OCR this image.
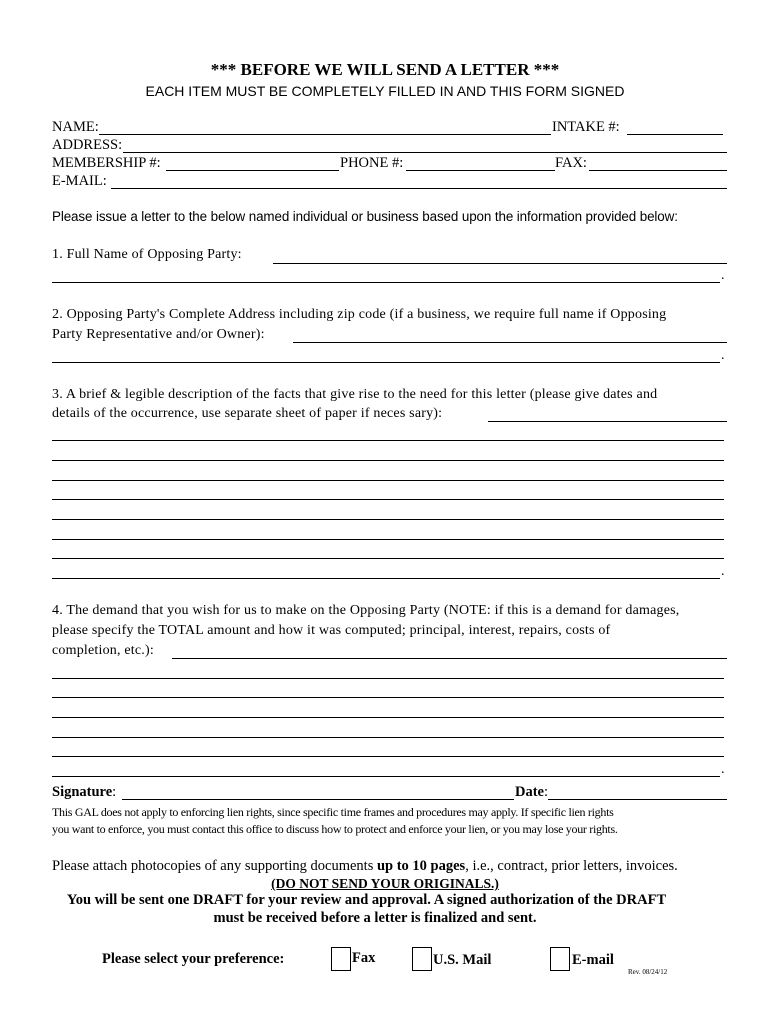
*** BEFORE WE WILL SEND A LETTER ***
EACH ITEM MUST BE COMPLETELY FILLED IN AND THIS FORM SIGNED
NAME:	INTAKE #:
ADDRESS:
MEMBERSHIP #:	PHONE #:	FAX:
E-MAIL:
Please issue a letter to the below named individual or business based upon the information provided below:
1. Full Name of Opposing Party:
.
2. Opposing Party's Complete Address including zip code (if a business, we require full name if Opposing
Party Representative and/or Owner):
.
3. A brief & legible description of the facts that give rise to the need for this letter (please give dates and
details of the occurrence, use separate sheet of paper if neces sary):
.
4. The demand that you wish for us to make on the Opposing Party (NOTE: if this is a demand for damages,
please specify the TOTAL amount and how it was computed; principal, interest, repairs, costs of
completion, etc.):
.
Signature:	Date:
This GAL does not apply to enforcing lien rights, since specific time frames and procedures may apply. If specific lien rights
you want to enforce, you must contact this office to discuss how to protect and enforce your lien, or you may lose your rights.
Please attach photocopies of any supporting documents up to 10 pages, i.e., contract, prior letters, invoices.
(DO NOT SEND YOUR ORIGINALS.)
You will be sent one DRAFT for your review and approval. A signed authorization of the DRAFT
must be received before a letter is finalized and sent.
Please select your preference:	Fax	U.S. Mail	E-mail
Rev. 08/24/12
